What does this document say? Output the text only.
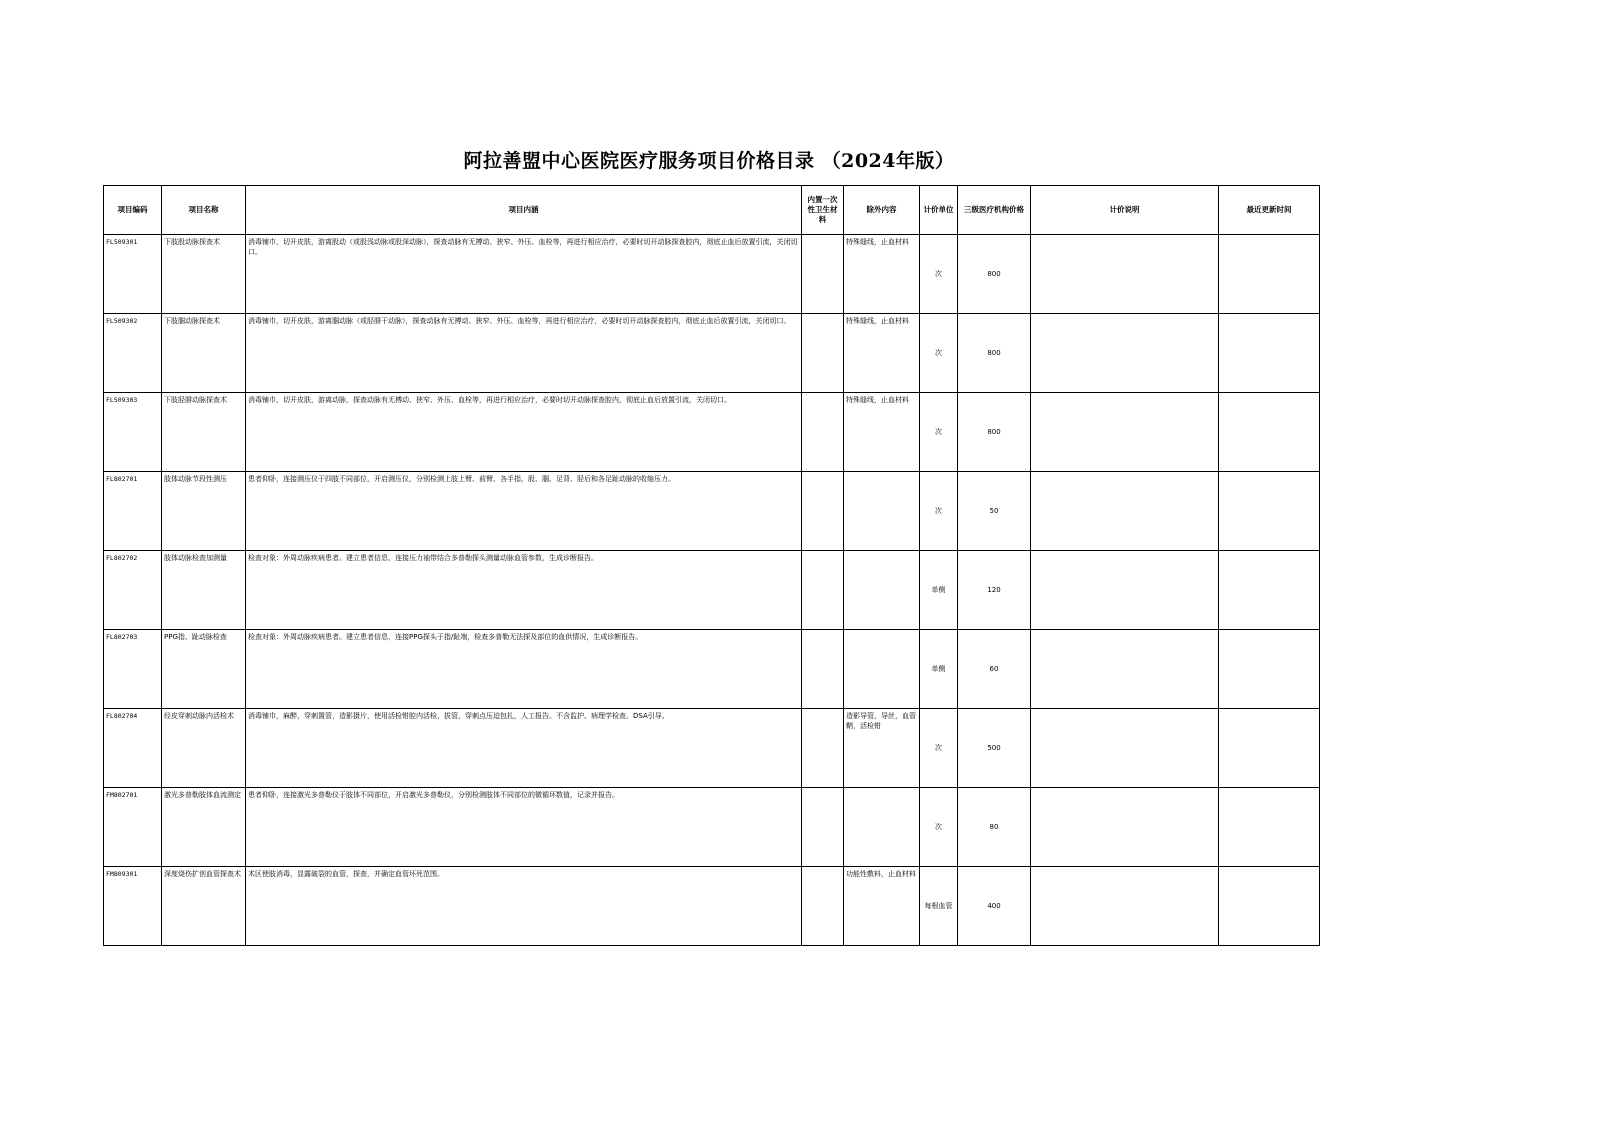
阿拉善盟中心医院医疗服务项目价格目录 （2024年版）
项目编码	项目名称	项目内涵	内置一次性卫生材料	除外内容	计价单位	三级医疗机构价格	计价说明	最近更新时间
FL509301	下肢股动脉探查术	消毒铺巾，切开皮肤，游离股动（或股浅动脉或股深动脉），探查动脉有无搏动、狭窄、外压、血栓等，再进行相应治疗，必要时切开动脉探查腔内，彻底止血后放置引流，关闭切口。		特殊缝线，止血材料	次	800		
FL509302	下肢腘动脉探查术	消毒铺巾，切开皮肤，游离腘动脉（或胫腓干动脉），探查动脉有无搏动、狭窄、外压、血栓等，再进行相应治疗，必要时切开动脉探查腔内，彻底止血后放置引流，关闭切口。		特殊缝线，止血材料	次	800		
FL509303	下肢胫腓动脉探查术	消毒铺巾，切开皮肤，游离动脉，探查动脉有无搏动、狭窄、外压、血栓等，再进行相应治疗，必要时切开动脉探查腔内，彻底止血后放置引流，关闭切口。		特殊缝线，止血材料	次	800		
FL802701	肢体动脉节段性测压	患者仰卧，连接测压仪于四肢不同部位，开启测压仪，分别检测上肢上臂、前臂、各手指，股、腘、足背、胫后和各足趾动脉的收缩压力。			次	50		
FL802702	肢体动脉检查加测量	检查对象：外周动脉疾病患者。建立患者信息，连接压力袖带结合多普勒探头测量动脉血管参数，生成诊断报告。			单侧	120		
FL802703	PPG指、趾动脉检查	检查对象：外周动脉疾病患者。建立患者信息，连接PPG探头于指/趾端，检查多普勒无法探及部位的血供情况，生成诊断报告。			单侧	60		
FL802704	经皮穿刺动脉内活检术	消毒铺巾，麻醉，穿刺置管，造影摄片，使用活检钳腔内活检，拔管，穿刺点压迫包扎，人工报告。不含监护、病理学检查、DSA引导。		造影导管，导丝，血管鞘，活检钳	次	500		
FM802701	激光多普勒肢体血流测定	患者仰卧，连接激光多普勒仪于肢体不同部位，开启激光多普勒仪，分别检测肢体不同部位的微循环数值，记录并报告。			次	80		
FM809301	深度烧伤扩创血管探查术	术区使肢消毒，显露破裂的血管，探查，并确定血管坏死范围。		功能性敷料，止血材料	每根血管	400		
